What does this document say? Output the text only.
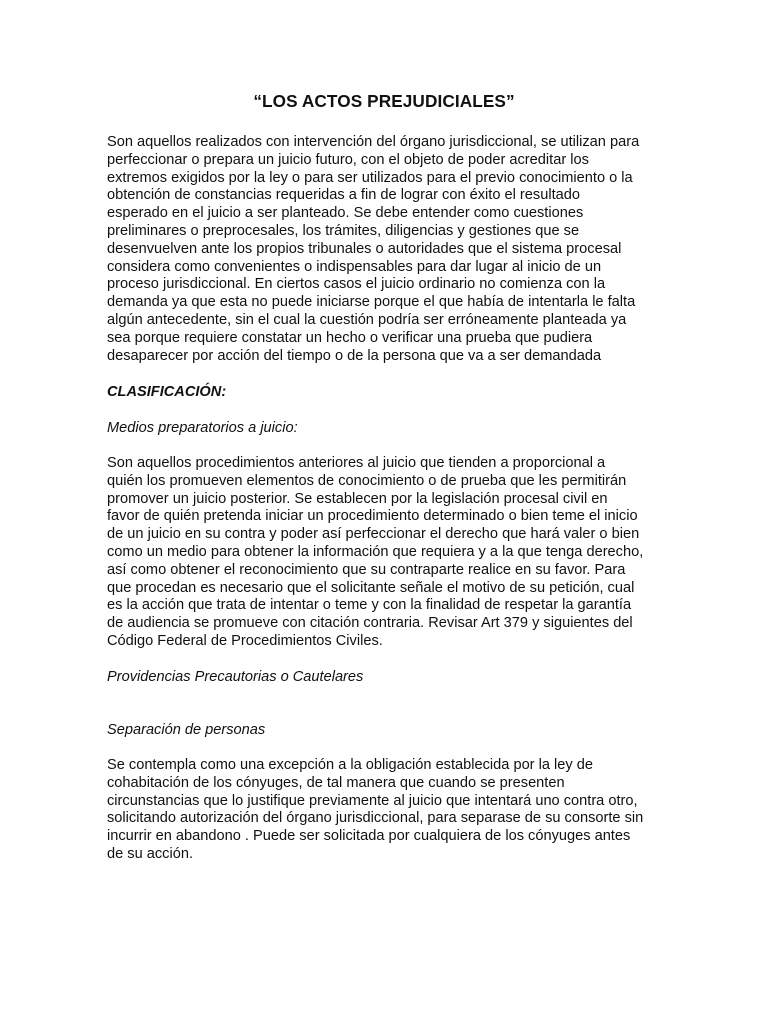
“LOS ACTOS PREJUDICIALES”
Son aquellos realizados con intervención del órgano jurisdiccional, se utilizan para
perfeccionar o prepara un juicio futuro, con el objeto de poder acreditar los
extremos exigidos por la ley o para ser utilizados para el previo conocimiento o la
obtención de constancias requeridas a fin de lograr con éxito el resultado
esperado en el juicio a ser planteado. Se debe entender como cuestiones
preliminares o preprocesales, los trámites, diligencias y gestiones que se
desenvuelven ante los propios tribunales o autoridades que el sistema procesal
considera como convenientes o indispensables para dar lugar al inicio de un
proceso jurisdiccional. En ciertos casos el juicio ordinario no comienza con la
demanda ya que esta no puede iniciarse porque el que había de intentarla le falta
algún antecedente, sin el cual la cuestión podría ser erróneamente planteada ya
sea porque requiere constatar un hecho o verificar una prueba que pudiera
desaparecer por acción del tiempo o de la persona que va a ser demandada
CLASIFICACIÓN:
Medios preparatorios a juicio:
Son aquellos procedimientos anteriores al juicio que tienden a proporcional a
quién los promueven elementos de conocimiento o de prueba que les permitirán
promover un juicio posterior. Se establecen por la legislación procesal civil en
favor de quién pretenda iniciar un procedimiento determinado o bien teme el inicio
de un juicio en su contra y poder así perfeccionar el derecho que hará valer o bien
como un medio para obtener la información que requiera y a la que tenga derecho,
así como obtener el reconocimiento que su contraparte realice en su favor. Para
que procedan es necesario que el solicitante señale el motivo de su petición, cual
es la acción que trata de intentar o teme y con la finalidad de respetar la garantía
de audiencia se promueve con citación contraria. Revisar Art 379 y siguientes del
Código Federal de Procedimientos Civiles.
Providencias Precautorias o Cautelares
Separación de personas
Se contempla como una excepción a la obligación establecida por la ley de
cohabitación de los cónyuges, de tal manera que cuando se presenten
circunstancias que lo justifique previamente al juicio que intentará uno contra otro,
solicitando autorización del órgano jurisdiccional, para separase de su consorte sin
incurrir en abandono . Puede ser solicitada por cualquiera de los cónyuges antes
de su acción.
